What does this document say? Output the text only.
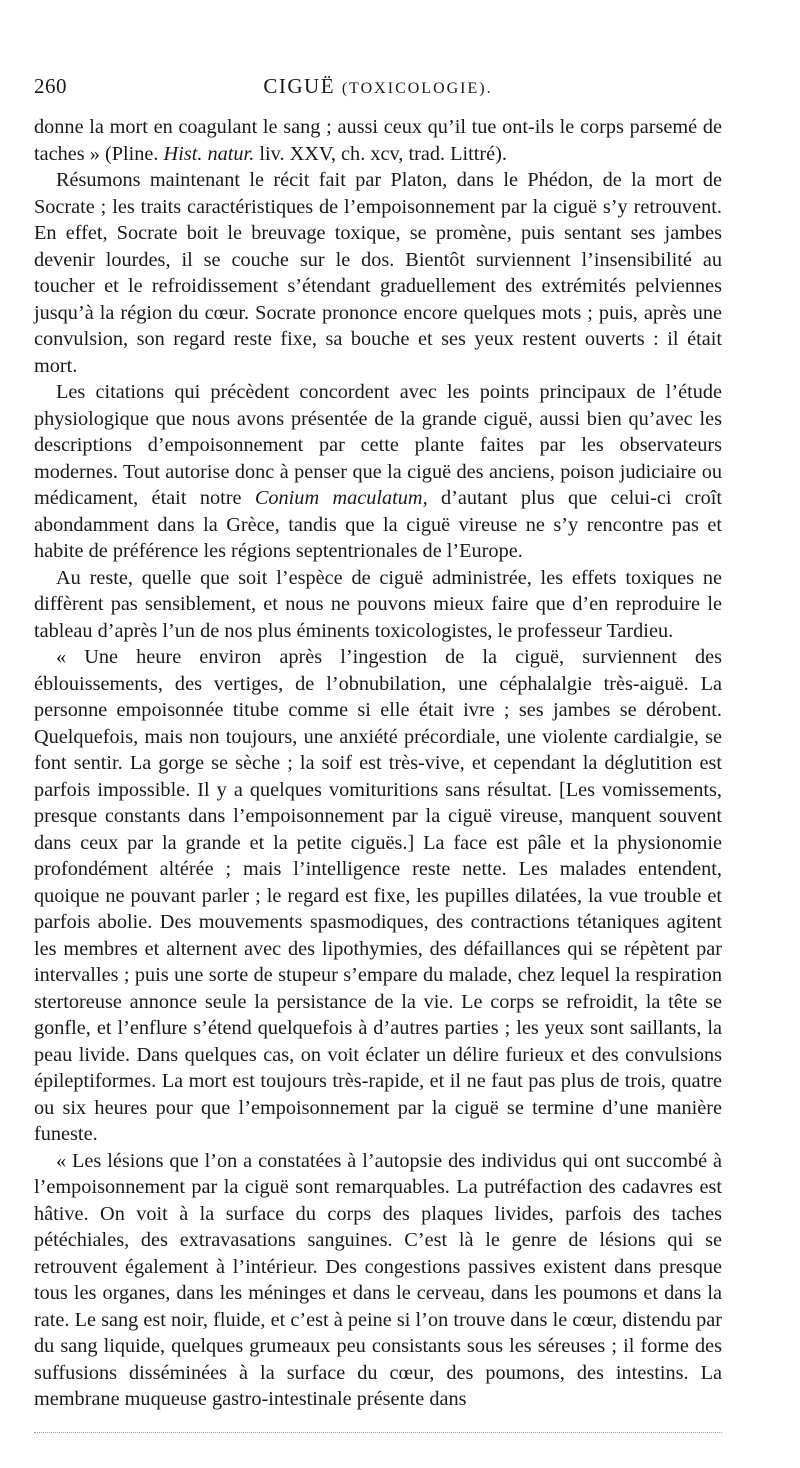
260	CIGUË (TOXICOLOGIE).

donne la mort en coagulant le sang ; aussi ceux qu’il tue ont-ils le corps parsemé de taches » (Pline. Hist. natur. liv. XXV, ch. xcv, trad. Littré).

Résumons maintenant le récit fait par Platon, dans le Phédon, de la mort de Socrate ; les traits caractéristiques de l’empoisonnement par la ciguë s’y retrouvent. En effet, Socrate boit le breuvage toxique, se promène, puis sentant ses jambes devenir lourdes, il se couche sur le dos. Bientôt surviennent l’insensibilité au toucher et le refroidissement s’étendant graduellement des extrémités pelviennes jusqu’à la région du cœur. Socrate prononce encore quelques mots ; puis, après une convulsion, son regard reste fixe, sa bouche et ses yeux restent ouverts : il était mort.

Les citations qui précèdent concordent avec les points principaux de l’étude physiologique que nous avons présentée de la grande ciguë, aussi bien qu’avec les descriptions d’empoisonnement par cette plante faites par les observateurs modernes. Tout autorise donc à penser que la ciguë des anciens, poison judiciaire ou médicament, était notre Conium maculatum, d’autant plus que celui-ci croît abondamment dans la Grèce, tandis que la ciguë vireuse ne s’y rencontre pas et habite de préférence les régions septentrionales de l’Europe.

Au reste, quelle que soit l’espèce de ciguë administrée, les effets toxiques ne diffèrent pas sensiblement, et nous ne pouvons mieux faire que d’en reproduire le tableau d’après l’un de nos plus éminents toxicologistes, le professeur Tardieu.

« Une heure environ après l’ingestion de la ciguë, surviennent des éblouissements, des vertiges, de l’obnubilation, une céphalalgie très-aiguë. La personne empoisonnée titube comme si elle était ivre ; ses jambes se dérobent. Quelquefois, mais non toujours, une anxiété précordiale, une violente cardialgie, se font sentir. La gorge se sèche ; la soif est très-vive, et cependant la déglutition est parfois impossible. Il y a quelques vomituritions sans résultat. [Les vomissements, presque constants dans l’empoisonnement par la ciguë vireuse, manquent souvent dans ceux par la grande et la petite ciguës.] La face est pâle et la physionomie profondément altérée ; mais l’intelligence reste nette. Les malades entendent, quoique ne pouvant parler ; le regard est fixe, les pupilles dilatées, la vue trouble et parfois abolie. Des mouvements spasmodiques, des contractions tétaniques agitent les membres et alternent avec des lipothymies, des défaillances qui se répètent par intervalles ; puis une sorte de stupeur s’empare du malade, chez lequel la respiration stertoreuse annonce seule la persistance de la vie. Le corps se refroidit, la tête se gonfle, et l’enflure s’étend quelquefois à d’autres parties ; les yeux sont saillants, la peau livide. Dans quelques cas, on voit éclater un délire furieux et des convulsions épileptiformes. La mort est toujours très-rapide, et il ne faut pas plus de trois, quatre ou six heures pour que l’empoisonnement par la ciguë se termine d’une manière funeste.

« Les lésions que l’on a constatées à l’autopsie des individus qui ont succombé à l’empoisonnement par la ciguë sont remarquables. La putréfaction des cadavres est hâtive. On voit à la surface du corps des plaques livides, parfois des taches pétéchiales, des extravasations sanguines. C’est là le genre de lésions qui se retrouvent également à l’intérieur. Des congestions passives existent dans presque tous les organes, dans les méninges et dans le cerveau, dans les poumons et dans la rate. Le sang est noir, fluide, et c’est à peine si l’on trouve dans le cœur, distendu par du sang liquide, quelques grumeaux peu consistants sous les séreuses ; il forme des suffusions disséminées à la surface du cœur, des poumons, des intestins. La membrane muqueuse gastro-intestinale présente dans
